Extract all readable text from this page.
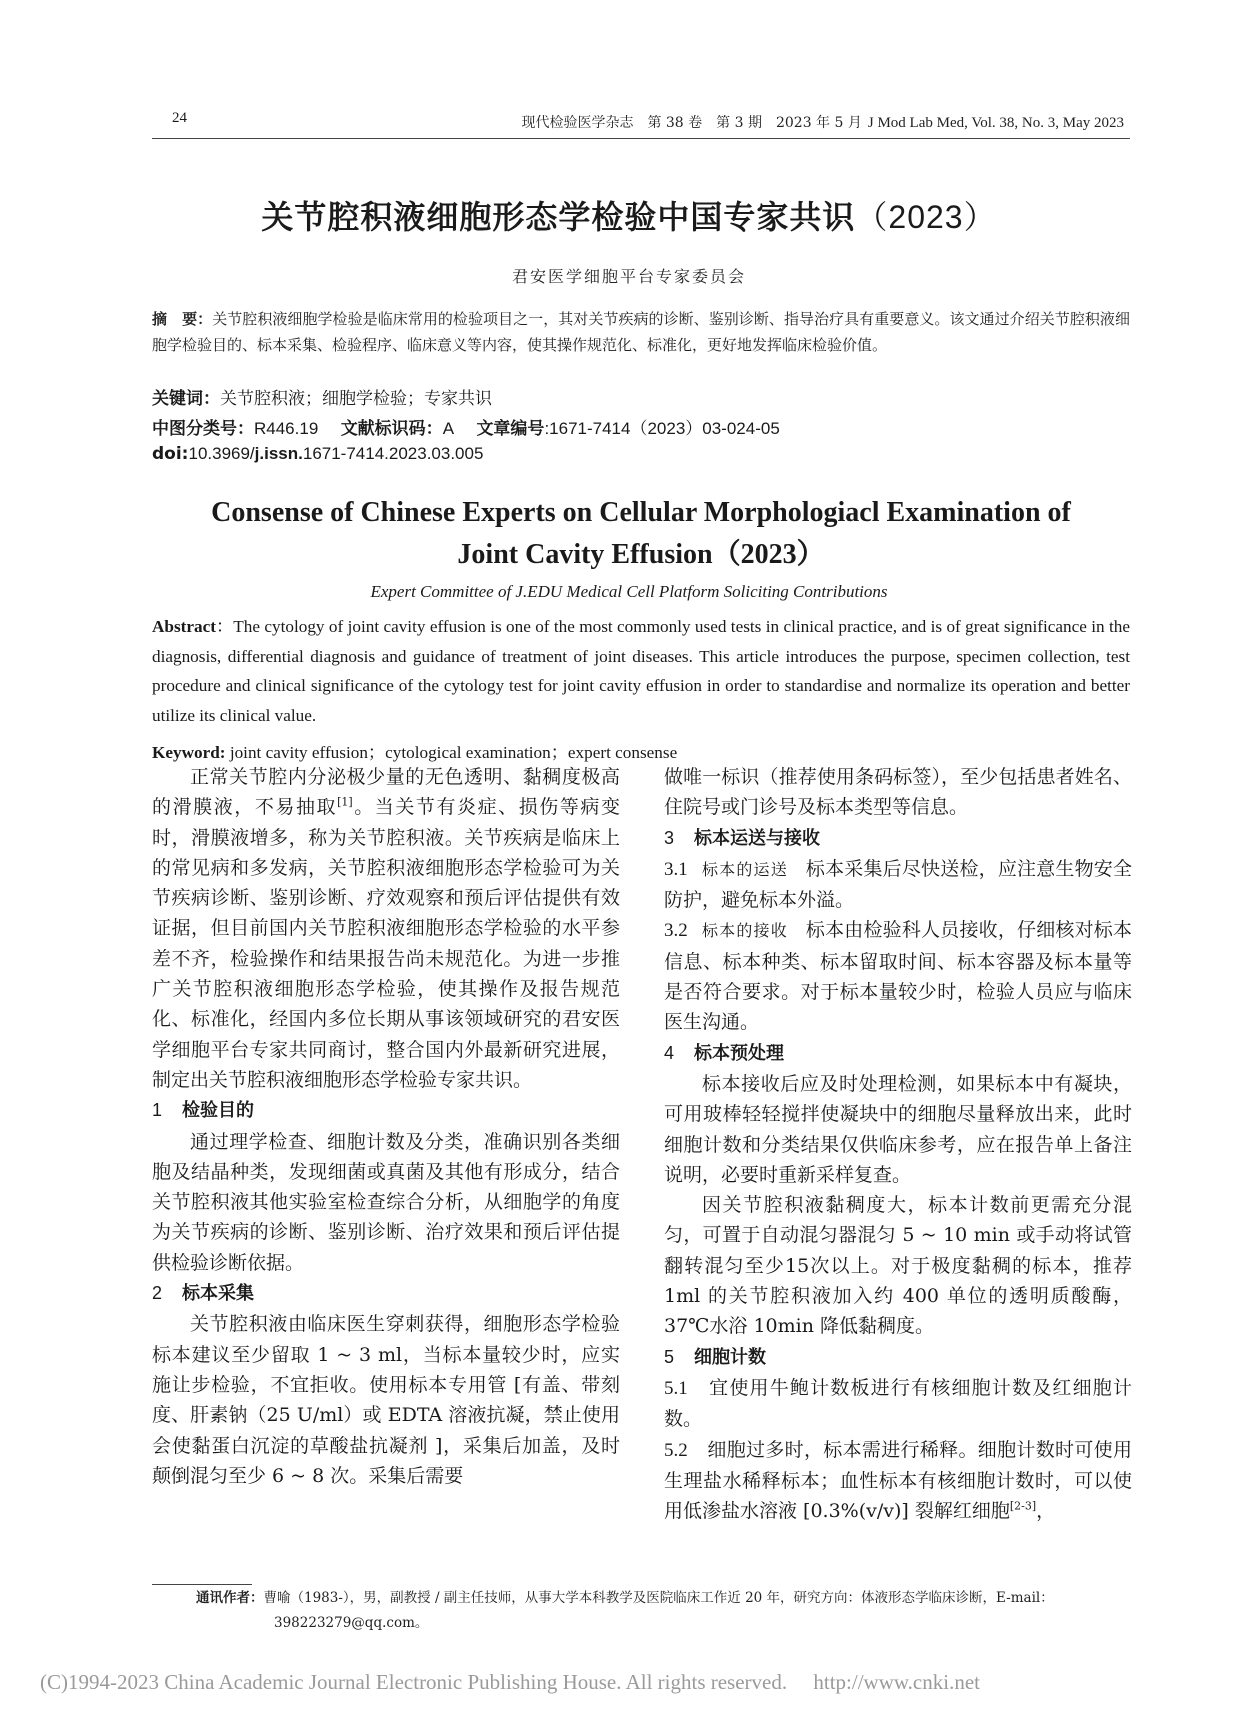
24	现代检验医学杂志　第 38 卷　第 3 期　2023 年 5 月 J Mod Lab Med, Vol. 38, No. 3, May 2023
关节腔积液细胞形态学检验中国专家共识（2023）
君安医学细胞平台专家委员会
摘　要：关节腔积液细胞学检验是临床常用的检验项目之一，其对关节疾病的诊断、鉴别诊断、指导治疗具有重要意义。该文通过介绍关节腔积液细胞学检验目的、标本采集、检验程序、临床意义等内容，使其操作规范化、标准化，更好地发挥临床检验价值。
关键词：关节腔积液；细胞学检验；专家共识
中图分类号：R446.19　 文献标识码：A　 文章编号:1671-7414（2023）03-024-05
doi:10.3969/j.issn.1671-7414.2023.03.005
Consense of Chinese Experts on Cellular Morphologiacl Examination of
Joint Cavity Effusion（2023）
Expert Committee of J.EDU Medical Cell Platform Soliciting Contributions
Abstract：The cytology of joint cavity effusion is one of the most commonly used tests in clinical practice, and is of great significance in the diagnosis, differential diagnosis and guidance of treatment of joint diseases. This article introduces the purpose, specimen collection, test procedure and clinical significance of the cytology test for joint cavity effusion in order to standardise and normalize its operation and better utilize its clinical value.
Keyword: joint cavity effusion；cytological examination；expert consense

正常关节腔内分泌极少量的无色透明、黏稠度极高的滑膜液，不易抽取[1]。当关节有炎症、损伤等病变时，滑膜液增多，称为关节腔积液。关节疾病是临床上的常见病和多发病，关节腔积液细胞形态学检验可为关节疾病诊断、鉴别诊断、疗效观察和预后评估提供有效证据，但目前国内关节腔积液细胞形态学检验的水平参差不齐，检验操作和结果报告尚未规范化。为进一步推广关节腔积液细胞形态学检验，使其操作及报告规范化、标准化，经国内多位长期从事该领域研究的君安医学细胞平台专家共同商讨，整合国内外最新研究进展，制定出关节腔积液细胞形态学检验专家共识。

1 检验目的

通过理学检查、细胞计数及分类，准确识别各类细胞及结晶种类，发现细菌或真菌及其他有形成分，结合关节腔积液其他实验室检查综合分析，从细胞学的角度为关节疾病的诊断、鉴别诊断、治疗效果和预后评估提供检验诊断依据。

2 标本采集

关节腔积液由临床医生穿刺获得，细胞形态学检验标本建议至少留取 1 ~ 3 ml，当标本量较少时，应实施让步检验，不宜拒收。使用标本专用管 [有盖、带刻度、肝素钠（25 U/ml）或 EDTA 溶液抗凝，禁止使用会使黏蛋白沉淀的草酸盐抗凝剂 ]，采集后加盖，及时颠倒混匀至少 6 ~ 8 次。采集后需要

做唯一标识（推荐使用条码标签），至少包括患者姓名、住院号或门诊号及标本类型等信息。

3 标本运送与接收

3.1 标本的运送 标本采集后尽快送检，应注意生物安全防护，避免标本外溢。

3.2 标本的接收 标本由检验科人员接收，仔细核对标本信息、标本种类、标本留取时间、标本容器及标本量等是否符合要求。对于标本量较少时，检验人员应与临床医生沟通。

4 标本预处理

标本接收后应及时处理检测，如果标本中有凝块，可用玻棒轻轻搅拌使凝块中的细胞尽量释放出来，此时细胞计数和分类结果仅供临床参考，应在报告单上备注说明，必要时重新采样复查。

因关节腔积液黏稠度大，标本计数前更需充分混匀，可置于自动混匀器混匀 5 ~ 10 min 或手动将试管翻转混匀至少15次以上。对于极度黏稠的标本，推荐 1ml 的关节腔积液加入约 400 单位的透明质酸酶，37℃水浴 10min 降低黏稠度。

5 细胞计数

5.1　 宜使用牛鲍计数板进行有核细胞计数及红细胞计数。

5.2　 细胞过多时，标本需进行稀释。细胞计数时可使用生理盐水稀释标本；血性标本有核细胞计数时，可以使用低渗盐水溶液 [0.3%(v/v)] 裂解红细胞[2-3]，

通讯作者：曹喻（1983-），男，副教授 / 副主任技师，从事大学本科教学及医院临床工作近 20 年，研究方向：体液形态学临床诊断，E-mail：
398223279@qq.com。
(C)1994-2023 China Academic Journal Electronic Publishing House. All rights reserved.　 http://www.cnki.net
